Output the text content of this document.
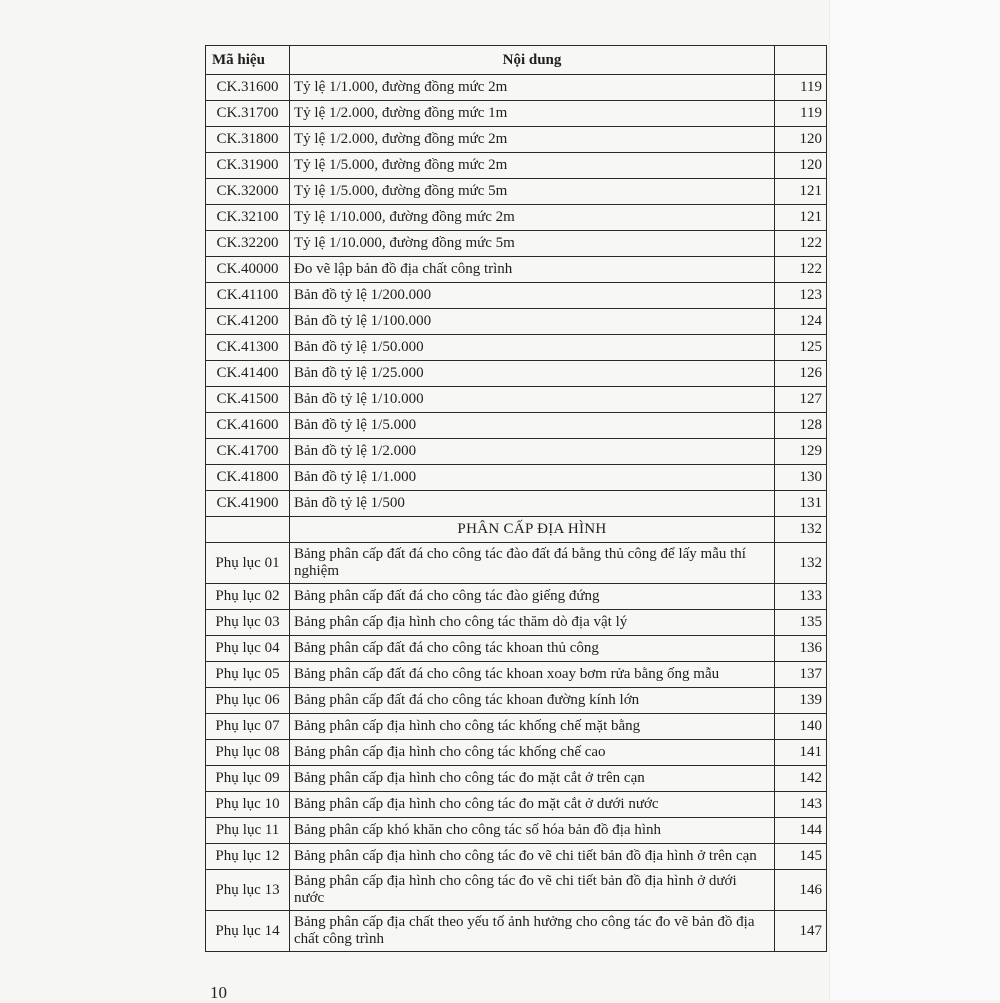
Mã hiệu	Nội dung	
CK.31600	Tỷ lệ 1/1.000, đường đồng mức 2m	119
CK.31700	Tỷ lệ 1/2.000, đường đồng mức 1m	119
CK.31800	Tỷ lệ 1/2.000, đường đồng mức 2m	120
CK.31900	Tỷ lệ 1/5.000, đường đồng mức 2m	120
CK.32000	Tỷ lệ 1/5.000, đường đồng mức 5m	121
CK.32100	Tỷ lệ 1/10.000, đường đồng mức 2m	121
CK.32200	Tỷ lệ 1/10.000, đường đồng mức 5m	122
CK.40000	Đo vẽ lập bản đồ địa chất công trình	122
CK.41100	Bản đồ tỷ lệ 1/200.000	123
CK.41200	Bản đồ tỷ lệ 1/100.000	124
CK.41300	Bản đồ tỷ lệ 1/50.000	125
CK.41400	Bản đồ tỷ lệ 1/25.000	126
CK.41500	Bản đồ tỷ lệ 1/10.000	127
CK.41600	Bản đồ tỷ lệ 1/5.000	128
CK.41700	Bản đồ tỷ lệ 1/2.000	129
CK.41800	Bản đồ tỷ lệ 1/1.000	130
CK.41900	Bản đồ tỷ lệ 1/500	131
	PHÂN CẤP ĐỊA HÌNH	132
Phụ lục 01	Bảng phân cấp đất đá cho công tác đào đất đá bằng thủ công để lấy mẫu thí nghiệm	132
Phụ lục 02	Bảng phân cấp đất đá cho công tác đào giếng đứng	133
Phụ lục 03	Bảng phân cấp địa hình cho công tác thăm dò địa vật lý	135
Phụ lục 04	Bảng phân cấp đất đá cho công tác khoan thủ công	136
Phụ lục 05	Bảng phân cấp đất đá cho công tác khoan xoay bơm rửa bằng ống mẫu	137
Phụ lục 06	Bảng phân cấp đất đá cho công tác khoan đường kính lớn	139
Phụ lục 07	Bảng phân cấp địa hình cho công tác khống chế mặt bằng	140
Phụ lục 08	Bảng phân cấp địa hình cho công tác khống chế cao	141
Phụ lục 09	Bảng phân cấp địa hình cho công tác đo mặt cắt ở trên cạn	142
Phụ lục 10	Bảng phân cấp địa hình cho công tác đo mặt cắt ở dưới nước	143
Phụ lục 11	Bảng phân cấp khó khăn cho công tác số hóa bản đồ địa hình	144
Phụ lục 12	Bảng phân cấp địa hình cho công tác đo vẽ chi tiết bản đồ địa hình ở trên cạn	145
Phụ lục 13	Bảng phân cấp địa hình cho công tác đo vẽ chi tiết bản đồ địa hình ở dưới nước	146
Phụ lục 14	Bảng phân cấp địa chất theo yếu tố ảnh hưởng cho công tác đo vẽ bản đồ địa chất công trình	147
10
